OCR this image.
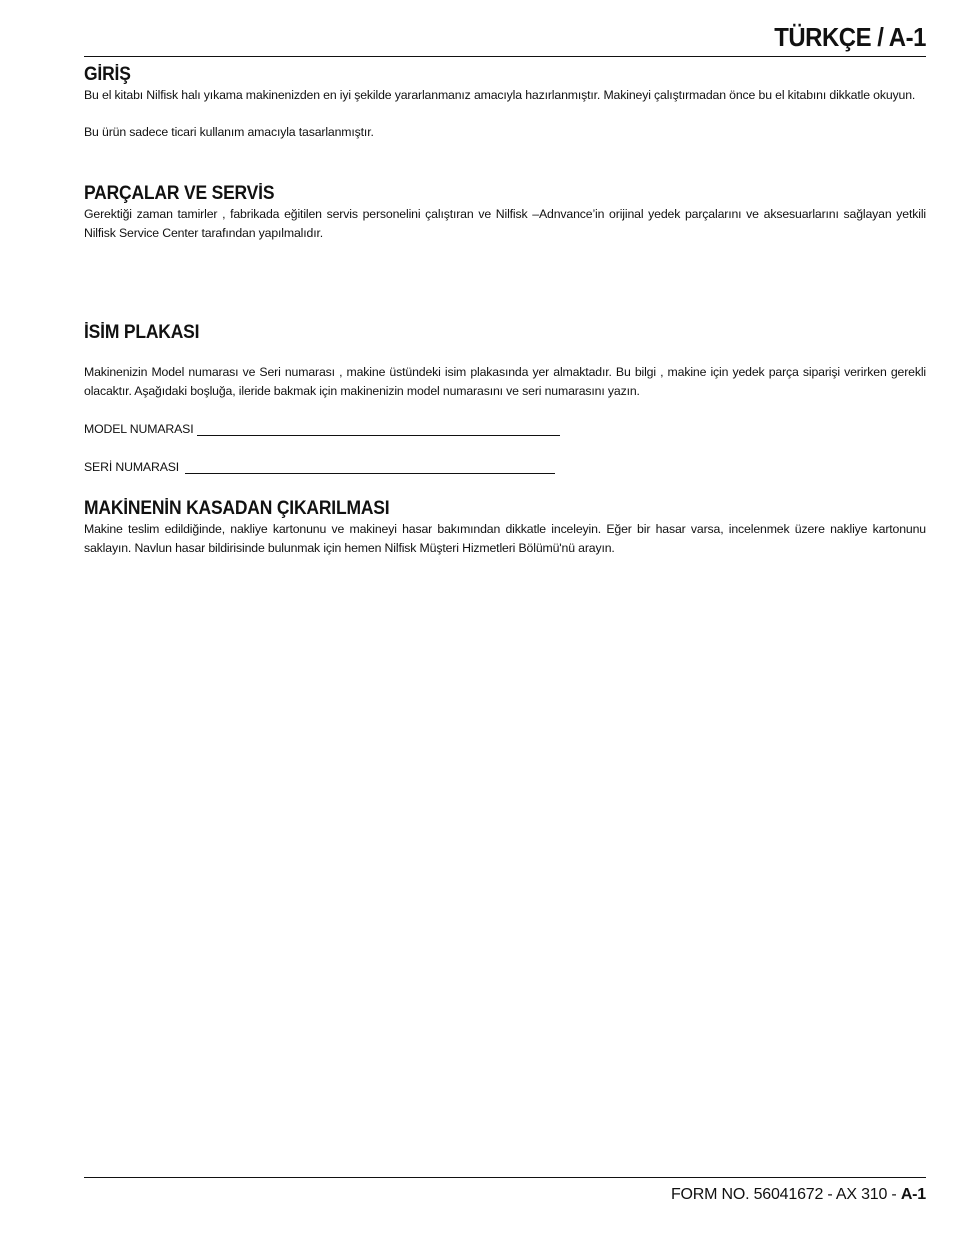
TÜRKÇE / A-1
GİRİŞ

Bu el kitabı Nilfisk halı yıkama makinenizden en iyi şekilde yararlanmanız amacıyla hazırlanmıştır. Makineyi çalıştırmadan önce bu el kitabını dikkatle okuyun.

Bu ürün sadece ticari kullanım amacıyla tasarlanmıştır.

PARÇALAR VE SERVİS

Gerektiği zaman tamirler , fabrikada eğitilen servis personelini çalıştıran ve Nilfisk –Adnvance’in orijinal yedek parçalarını ve aksesuarlarını sağlayan yetkili Nilfisk Service Center tarafından yapılmalıdır.

İSİM PLAKASI

Makinenizin Model numarası ve Seri numarası , makine üstündeki isim plakasında yer almaktadır. Bu bilgi , makine için yedek parça siparişi verirken gerekli olacaktır. Aşağıdaki boşluğa, ileride bakmak için makinenizin model numarasını ve seri numarasını yazın.

MODEL NUMARASI
SERİ NUMARASI
MAKİNENİN KASADAN ÇIKARILMASI

Makine teslim edildiğinde, nakliye kartonunu ve makineyi hasar bakımından dikkatle inceleyin. Eğer bir hasar varsa, incelenmek üzere nakliye kartonunu saklayın. Navlun hasar bildirisinde bulunmak için hemen Nilfisk Müşteri Hizmetleri Bölümü'nü arayın.

FORM NO. 56041672 - AX 310 - A-1
